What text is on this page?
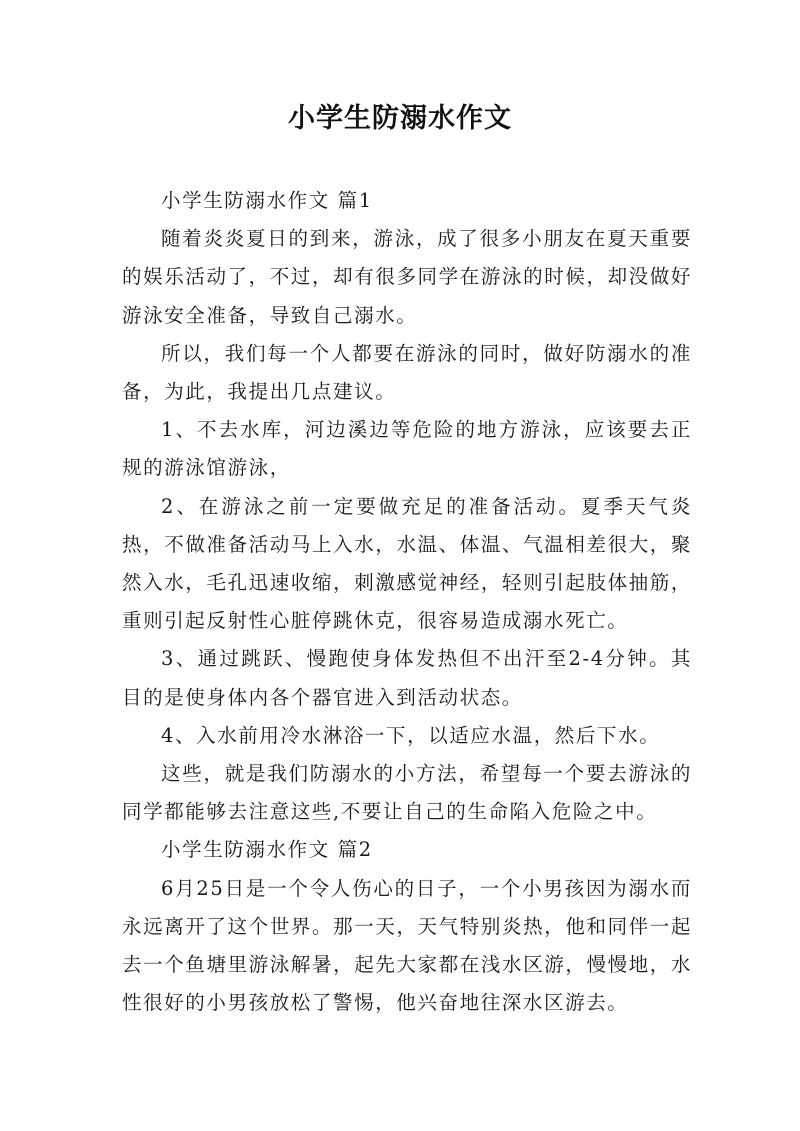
小学生防溺水作文

小学生防溺水作文 篇1

随着炎炎夏日的到来，游泳，成了很多小朋友在夏天重要的娱乐活动了，不过，却有很多同学在游泳的时候，却没做好游泳安全准备，导致自己溺水。

所以，我们每一个人都要在游泳的同时，做好防溺水的准备，为此，我提出几点建议。

1、不去水库，河边溪边等危险的地方游泳，应该要去正规的游泳馆游泳，

2、在游泳之前一定要做充足的准备活动。夏季天气炎热，不做准备活动马上入水，水温、体温、气温相差很大，聚然入水，毛孔迅速收缩，刺激感觉神经，轻则引起肢体抽筋，重则引起反射性心脏停跳休克，很容易造成溺水死亡。

3、通过跳跃、慢跑使身体发热但不出汗至2-4分钟。其目的是使身体内各个器官进入到活动状态。

4、入水前用冷水淋浴一下，以适应水温，然后下水。

这些，就是我们防溺水的小方法，希望每一个要去游泳的同学都能够去注意这些,不要让自己的生命陷入危险之中。

小学生防溺水作文 篇2

6月25日是一个令人伤心的日子，一个小男孩因为溺水而永远离开了这个世界。那一天，天气特别炎热，他和同伴一起去一个鱼塘里游泳解暑，起先大家都在浅水区游，慢慢地，水性很好的小男孩放松了警惕，他兴奋地往深水区游去。
